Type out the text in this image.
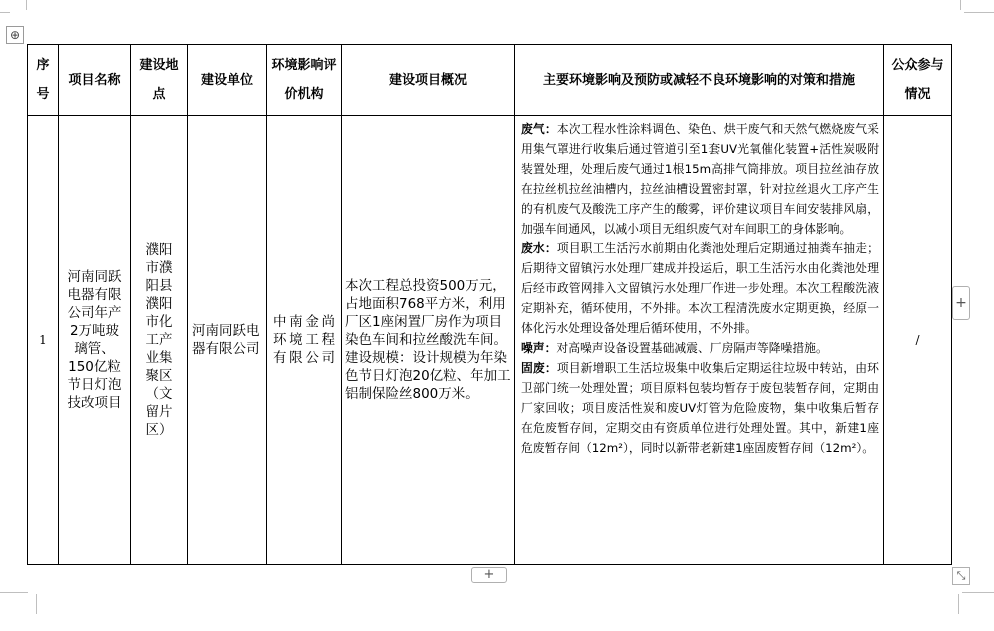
⊕
序号	项目名称	建设地点	建设单位	环境影响评价机构	建设项目概况	主要环境影响及预防或减轻不良环境影响的对策和措施	公众参与情况
1	河南同跃电器有限公司年产2万吨玻璃管、150亿粒节日灯泡技改项目	濮阳市濮阳县濮阳市化工产业集聚区（文留片区）	河南同跃电器有限公司	中南金尚环境工程有限公司	本次工程总投资500万元，占地面积768平方米，利用厂区1座闲置厂房作为项目染色车间和拉丝酸洗车间。建设规模：设计规模为年染色节日灯泡20亿粒、年加工铝制保险丝800万米。	废气：本次工程水性涂料调色、染色、烘干废气和天然气燃烧废气采用集气罩进行收集后通过管道引至1套UV光氧催化装置+活性炭吸附装置处理，处理后废气通过1根15m高排气筒排放。项目拉丝油存放在拉丝机拉丝油槽内，拉丝油槽设置密封罩，针对拉丝退火工序产生的有机废气及酸洗工序产生的酸雾，评价建议项目车间安装排风扇，加强车间通风，以减小项目无组织废气对车间职工的身体影响。

废水：项目职工生活污水前期由化粪池处理后定期通过抽粪车抽走；后期待文留镇污水处理厂建成并投运后，职工生活污水由化粪池处理后经市政管网排入文留镇污水处理厂作进一步处理。本次工程酸洗液定期补充，循环使用，不外排。本次工程清洗废水定期更换，经原一体化污水处理设备处理后循环使用，不外排。

噪声：对高噪声设备设置基础减震、厂房隔声等降噪措施。

固废：项目新增职工生活垃圾集中收集后定期运往垃圾中转站，由环卫部门统一处理处置；项目原料包装均暂存于废包装暂存间，定期由厂家回收；项目废活性炭和废UV灯管为危险废物，集中收集后暂存在危废暂存间，定期交由有资质单位进行处理处置。其中，新建1座危废暂存间（12m²），同时以新带老新建1座固废暂存间（12m²）。	/
+
+	⤡
